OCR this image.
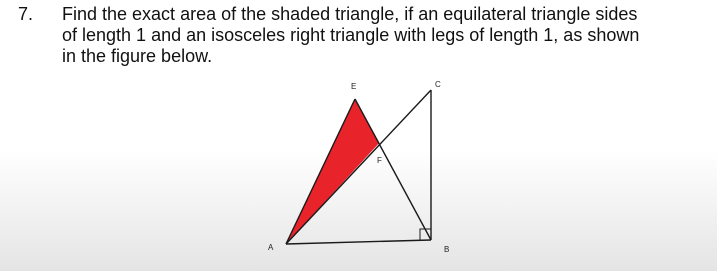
7. Find the exact area of the shaded triangle, if an equilateral triangle sides
of length 1 and an isosceles right triangle with legs of length 1, as shown
in the figure below.
A	B
C
E
F
